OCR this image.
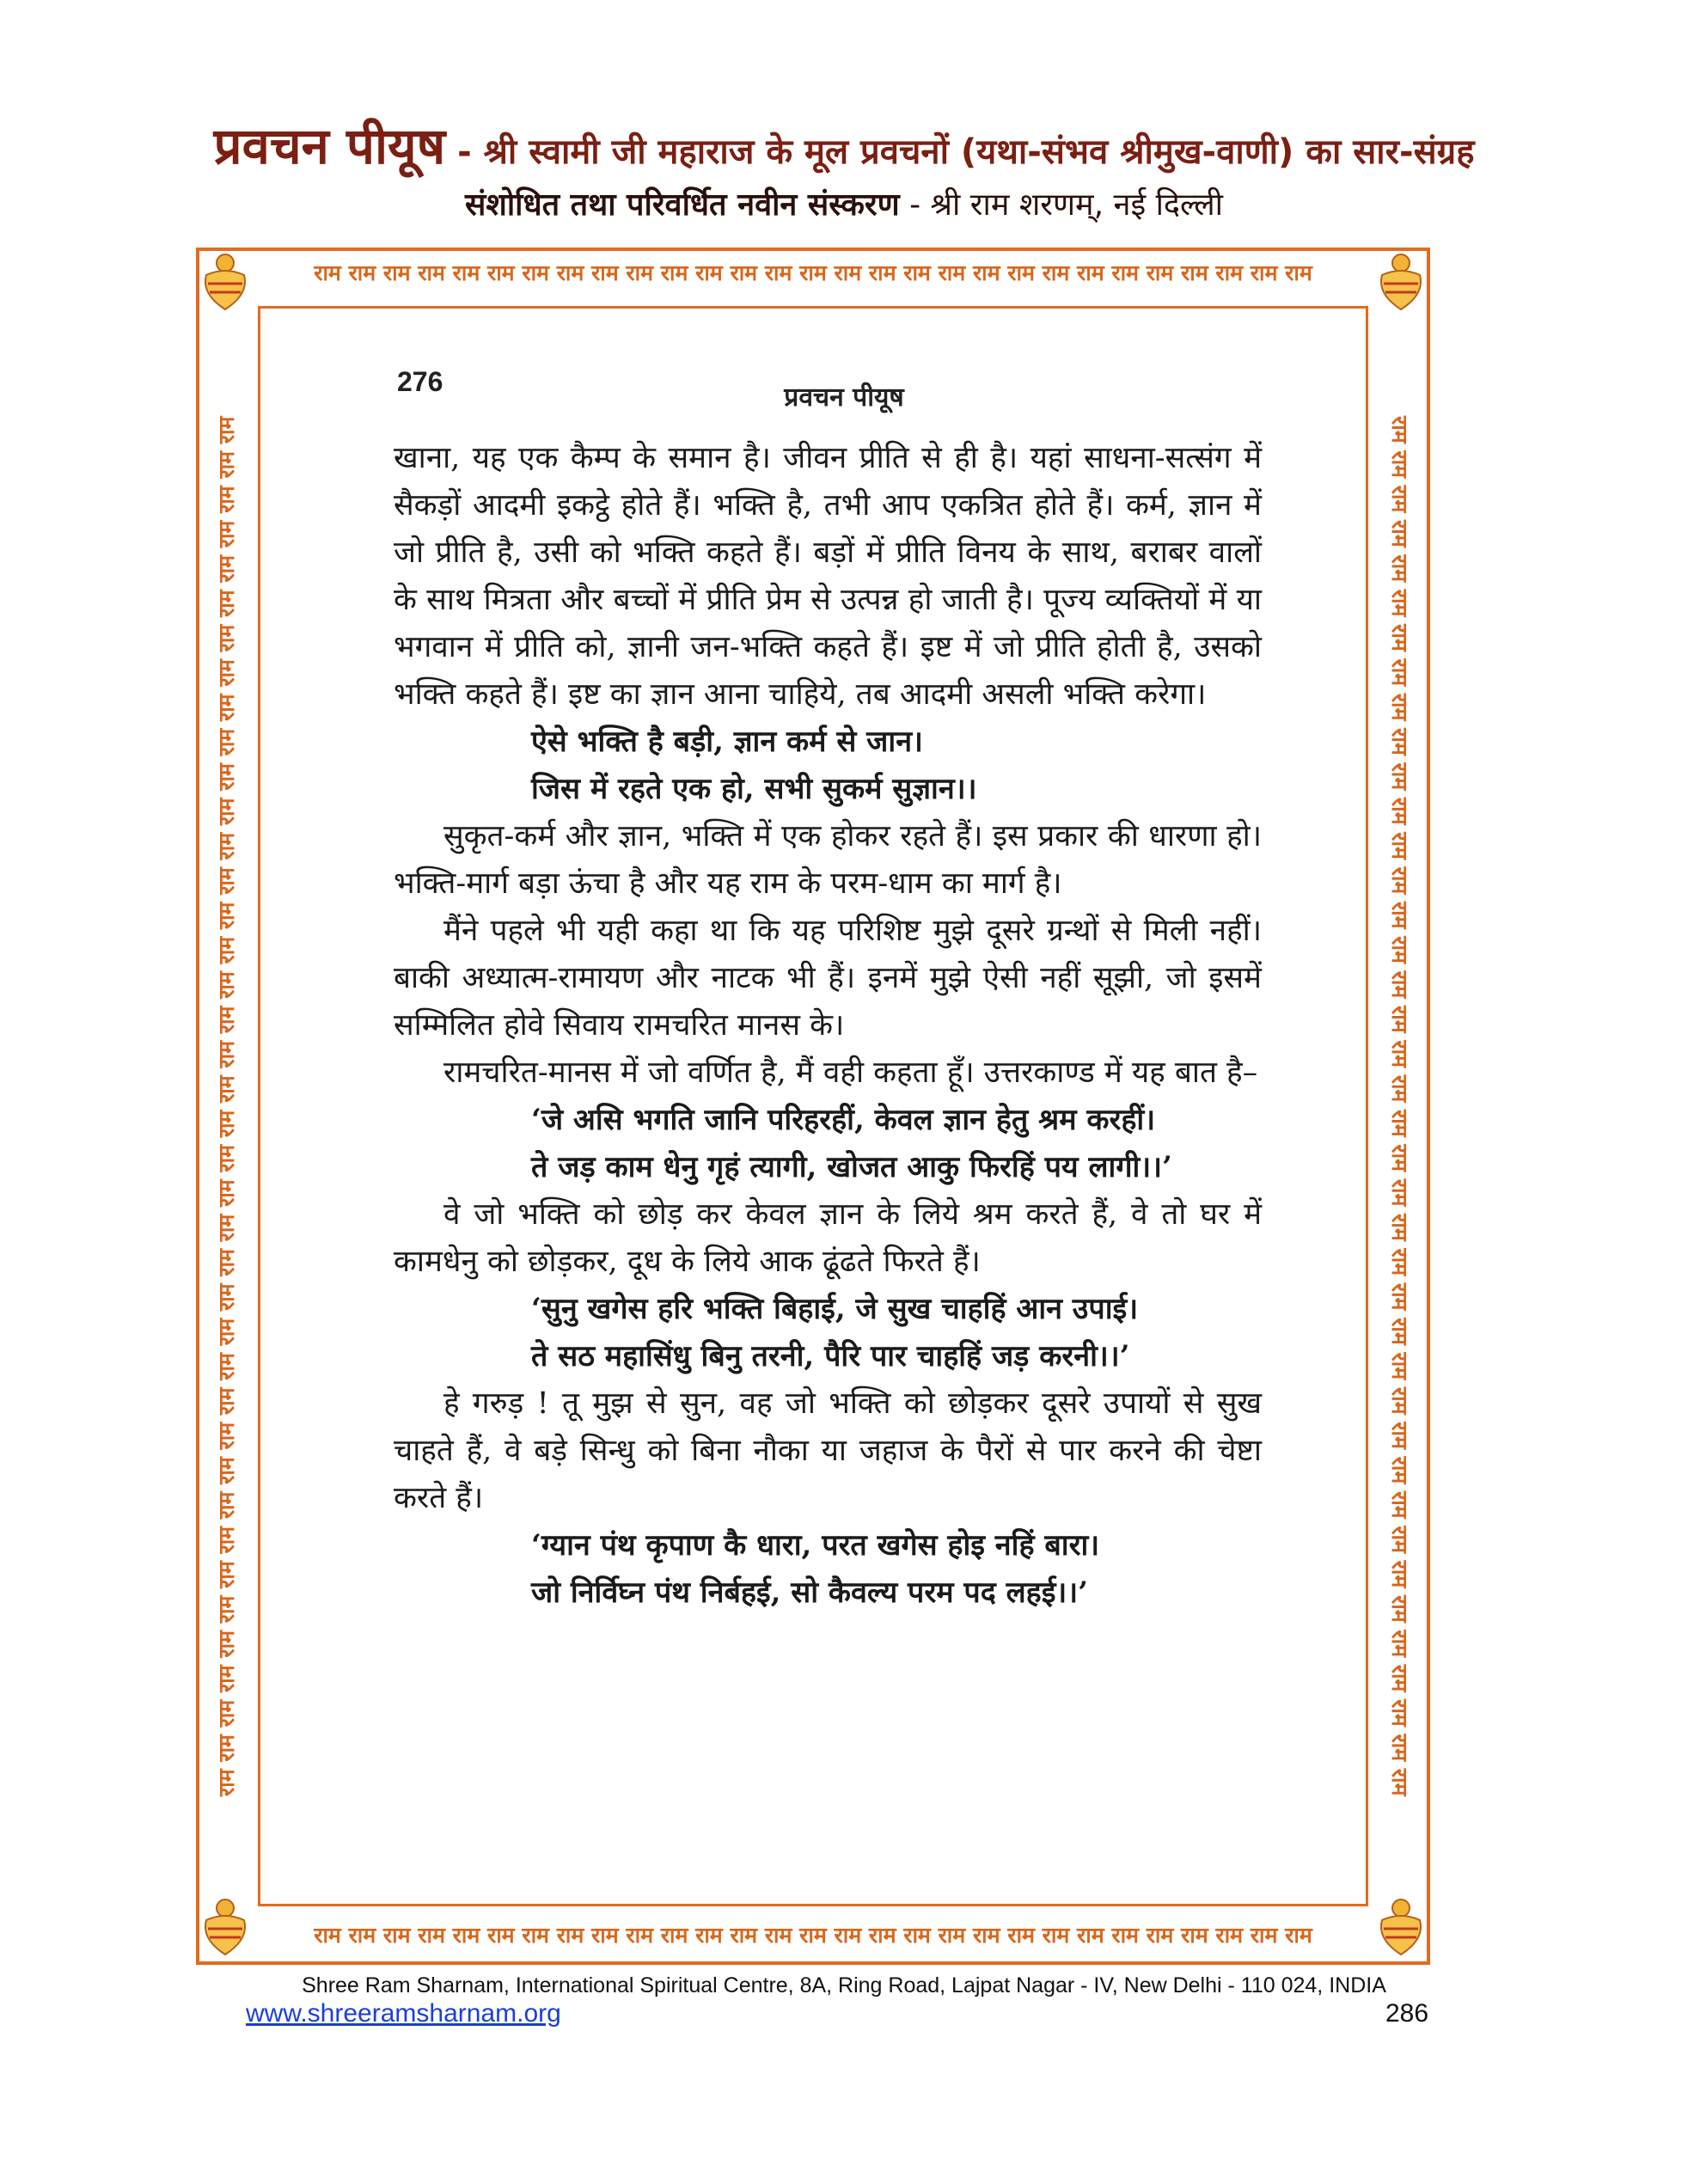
प्रवचन पीयूष - श्री स्वामी जी महाराज के मूल प्रवचनों (यथा-संभव श्रीमुख-वाणी) का सार-संग्रह
संशोधित तथा परिवर्धित नवीन संस्करण - श्री राम शरणम्, नई दिल्ली
राम राम राम राम राम राम राम राम राम राम राम राम राम राम राम राम राम राम राम राम राम राम राम राम राम राम राम राम राम
राम राम राम राम राम राम राम राम राम राम राम राम राम राम राम राम राम राम राम राम राम राम राम राम राम राम राम राम राम
राम राम राम राम राम राम राम राम राम राम राम राम राम राम राम राम राम राम राम राम राम राम राम राम राम राम राम राम राम राम राम राम राम राम राम राम राम राम राम राम	राम राम राम राम राम राम राम राम राम राम राम राम राम राम राम राम राम राम राम राम राम राम राम राम राम राम राम राम राम राम राम राम राम राम राम राम राम राम राम राम
276
प्रवचन पीयूष

खाना, यह एक कैम्प के समान है। जीवन प्रीति से ही है। यहां साधना-सत्संग में सैकड़ों आदमी इकट्ठे होते हैं। भक्ति है, तभी आप एकत्रित होते हैं। कर्म, ज्ञान में जो प्रीति है, उसी को भक्ति कहते हैं। बड़ों में प्रीति विनय के साथ, बराबर वालों के साथ मित्रता और बच्चों में प्रीति प्रेम से उत्पन्न हो जाती है। पूज्य व्यक्तियों में या भगवान में प्रीति को, ज्ञानी जन-भक्ति कहते हैं। इष्ट में जो प्रीति होती है, उसको भक्ति कहते हैं। इष्ट का ज्ञान आना चाहिये, तब आदमी असली भक्ति करेगा।

ऐसे भक्ति है बड़ी, ज्ञान कर्म से जान।
जिस में रहते एक हो, सभी सुकर्म सुज्ञान।।

सुकृत-कर्म और ज्ञान, भक्ति में एक होकर रहते हैं। इस प्रकार की धारणा हो। भक्ति-मार्ग बड़ा ऊंचा है और यह राम के परम-धाम का मार्ग है।

मैंने पहले भी यही कहा था कि यह परिशिष्ट मुझे दूसरे ग्रन्थों से मिली नहीं। बाकी अध्यात्म-रामायण और नाटक भी हैं। इनमें मुझे ऐसी नहीं सूझी, जो इसमें सम्मिलित होवे सिवाय रामचरित मानस के।

रामचरित-मानस में जो वर्णित है, मैं वही कहता हूँ। उत्तरकाण्ड में यह बात है–

‘जे असि भगति जानि परिहरहीं, केवल ज्ञान हेतु श्रम करहीं।
ते जड़ काम धेनु गृहं त्यागी, खोजत आकु फिरहिं पय लागी।।’

वे जो भक्ति को छोड़ कर केवल ज्ञान के लिये श्रम करते हैं, वे तो घर में कामधेनु को छोड़कर, दूध के लिये आक ढूंढते फिरते हैं।

‘सुनु खगेस हरि भक्ति बिहाई, जे सुख चाहहिं आन उपाई।
ते सठ महासिंधु बिनु तरनी, पैरि पार चाहहिं जड़ करनी।।’

हे गरुड़ ! तू मुझ से सुन, वह जो भक्ति को छोड़कर दूसरे उपायों से सुख चाहते हैं, वे बड़े सिन्धु को बिना नौका या जहाज के पैरों से पार करने की चेष्टा करते हैं।

‘ग्यान पंथ कृपाण कै धारा, परत खगेस होइ नहिं बारा।
जो निर्विघ्न पंथ निर्बहई, सो कैवल्य परम पद लहई।।’
Shree Ram Sharnam, International Spiritual Centre, 8A, Ring Road, Lajpat Nagar - IV, New Delhi - 110 024, INDIA
www.shreeramsharnam.org	286
